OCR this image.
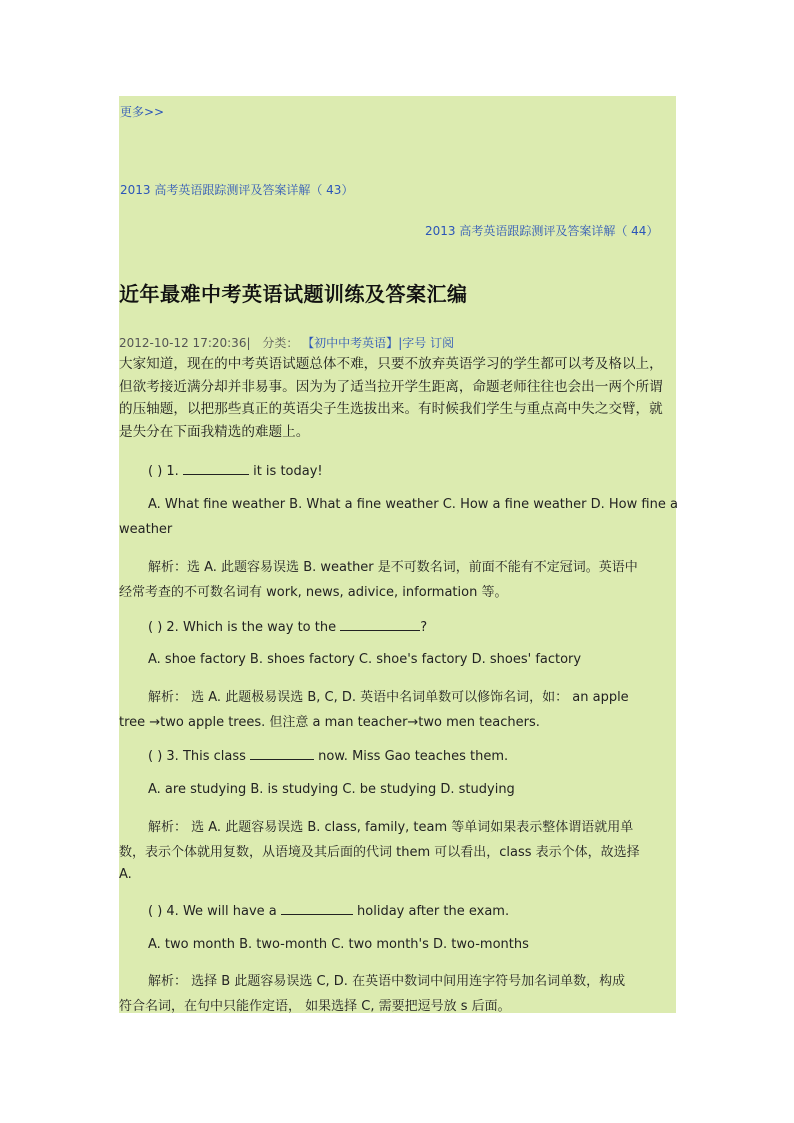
更多>>
2013 高考英语跟踪测评及答案详解（ 43）
2013 高考英语跟踪测评及答案详解（ 44）
近年最难中考英语试题训练及答案汇编
2012-10-12 17:20:36| 分类： 【初中中考英语】|字号 订阅
大家知道，现在的中考英语试题总体不难，只要不放弃英语学习的学生都可以考及格以上，但欲考接近满分却并非易事。因为为了适当拉开学生距离，命题老师往往也会出一两个所谓的压轴题，以把那些真正的英语尖子生选拔出来。有时候我们学生与重点高中失之交臂，就是失分在下面我精选的难题上。
( ) 1.	it is today!
A. What fine weather B. What a fine weather C. How a fine weather D. How fine a
weather
解析：选 A. 此题容易误选 B. weather 是不可数名词，前面不能有不定冠词。英语中
经常考查的不可数名词有 work, news, adivice, information 等。
( ) 2. Which is the way to the	?
A. shoe factory B. shoes factory C. shoe's factory D. shoes' factory
解析： 选 A. 此题极易误选 B, C, D. 英语中名词单数可以修饰名词，如： an apple
tree →two apple trees. 但注意 a man teacher→two men teachers.
( ) 3. This class	now. Miss Gao teaches them.
A. are studying B. is studying C. be studying D. studying
解析： 选 A. 此题容易误选 B. class, family, team 等单词如果表示整体谓语就用单
数，表示个体就用复数，从语境及其后面的代词 them 可以看出，class 表示个体，故选择
A.
( ) 4. We will have a	holiday after the exam.
A. two month B. two-month C. two month's D. two-months
解析： 选择 B 此题容易误选 C, D. 在英语中数词中间用连字符号加名词单数，构成
符合名词，在句中只能作定语， 如果选择 C, 需要把逗号放 s 后面。
